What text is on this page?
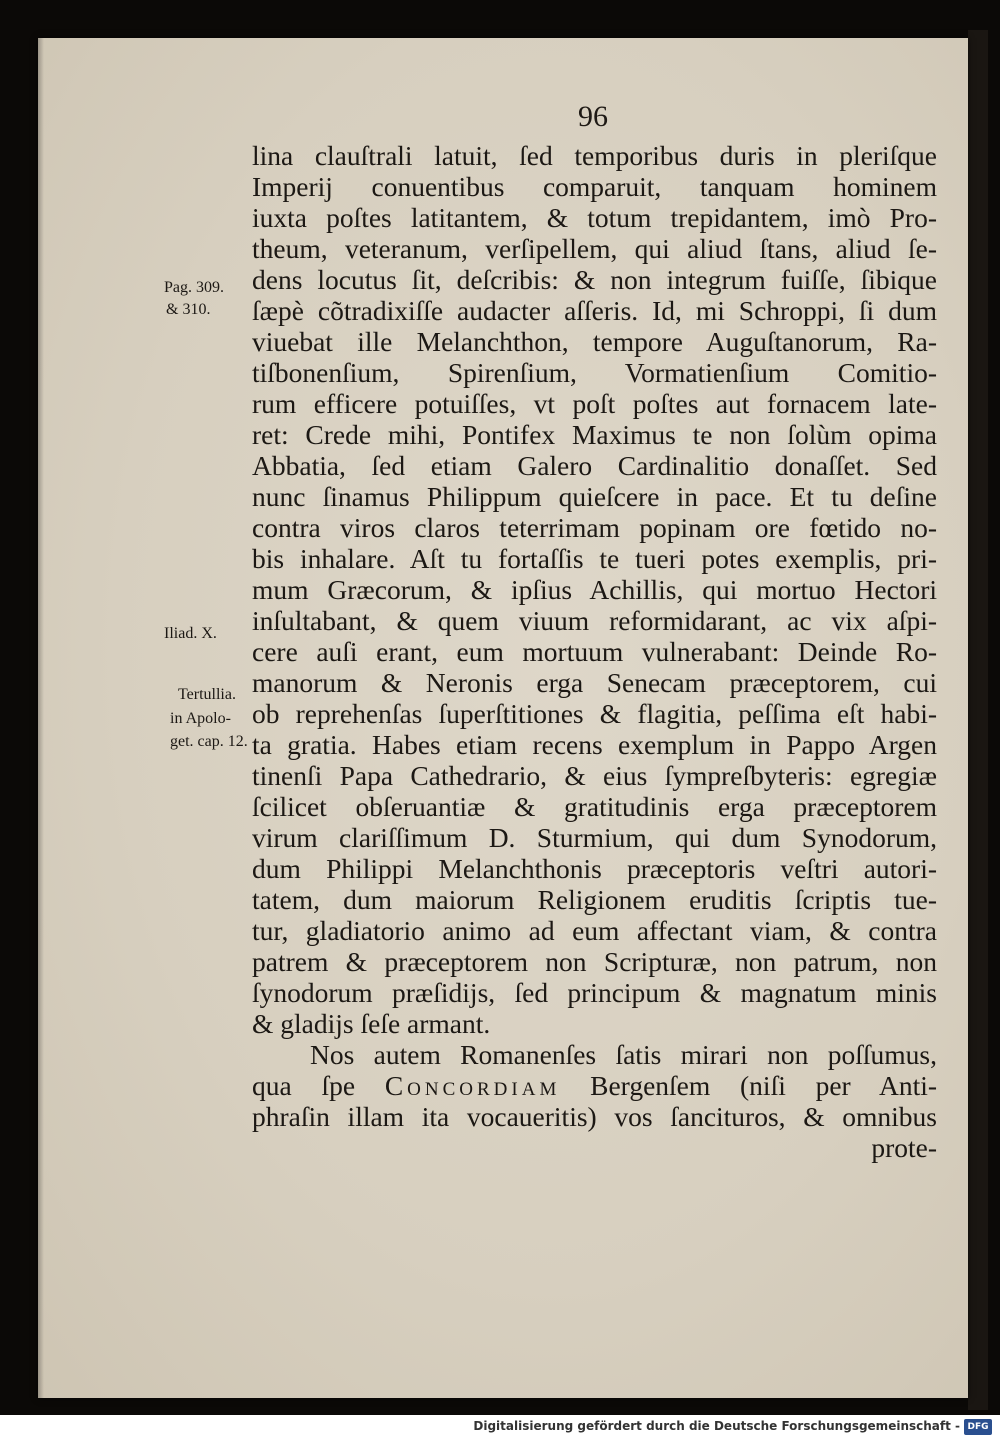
96
Pag. 309.
& 310.
Iliad. X.
Tertullia.
in Apolo-
get. cap. 12.
lina clauſtrali latuit, ſed temporibus duris in pleriſque
Imperij conuentibus comparuit, tanquam hominem
iuxta poſtes latitantem, & totum trepidantem, imò Pro-
theum, veteranum, verſipellem, qui aliud ſtans, aliud ſe-
dens locutus ſit, deſcribis: & non integrum fuiſſe, ſibique
ſæpè cõtradixiſſe audacter aſſeris. Id, mi Schroppi, ſi dum
viuebat ille Melanchthon, tempore Auguſtanorum, Ra-
tiſbonenſium, Spirenſium, Vormatienſium Comitio-
rum efficere potuiſſes, vt poſt poſtes aut fornacem late-
ret: Crede mihi, Pontifex Maximus te non ſolùm opima
Abbatia, ſed etiam Galero Cardinalitio donaſſet. Sed
nunc ſinamus Philippum quieſcere in pace. Et tu deſine
contra viros claros teterrimam popinam ore fœtido no-
bis inhalare. Aſt tu fortaſſis te tueri potes exemplis, pri-
mum Græcorum, & ipſius Achillis, qui mortuo Hectori
inſultabant, & quem viuum reformidarant, ac vix aſpi-
cere auſi erant, eum mortuum vulnerabant: Deinde Ro-
manorum & Neronis erga Senecam præceptorem, cui
ob reprehenſas ſuperſtitiones & flagitia, peſſima eſt habi-
ta gratia. Habes etiam recens exemplum in Pappo Argen
tinenſi Papa Cathedrario, & eius ſympreſbyteris: egregiæ
ſcilicet obſeruantiæ & gratitudinis erga præceptorem
virum clariſſimum D. Sturmium, qui dum Synodorum,
dum Philippi Melanchthonis præceptoris veſtri autori-
tatem, dum maiorum Religionem eruditis ſcriptis tue-
tur, gladiatorio animo ad eum affectant viam, & contra
patrem & præceptorem non Scripturæ, non patrum, non
ſynodorum præſidijs, ſed principum & magnatum minis
& gladijs ſeſe armant.
Nos autem Romanenſes ſatis mirari non poſſumus,
qua ſpe Concordiam Bergenſem (niſi per Anti-
phraſin illam ita vocaueritis) vos ſancituros, & omnibus
prote-
Digitalisierung gefördert durch die Deutsche Forschungsgemeinschaft - DFG
